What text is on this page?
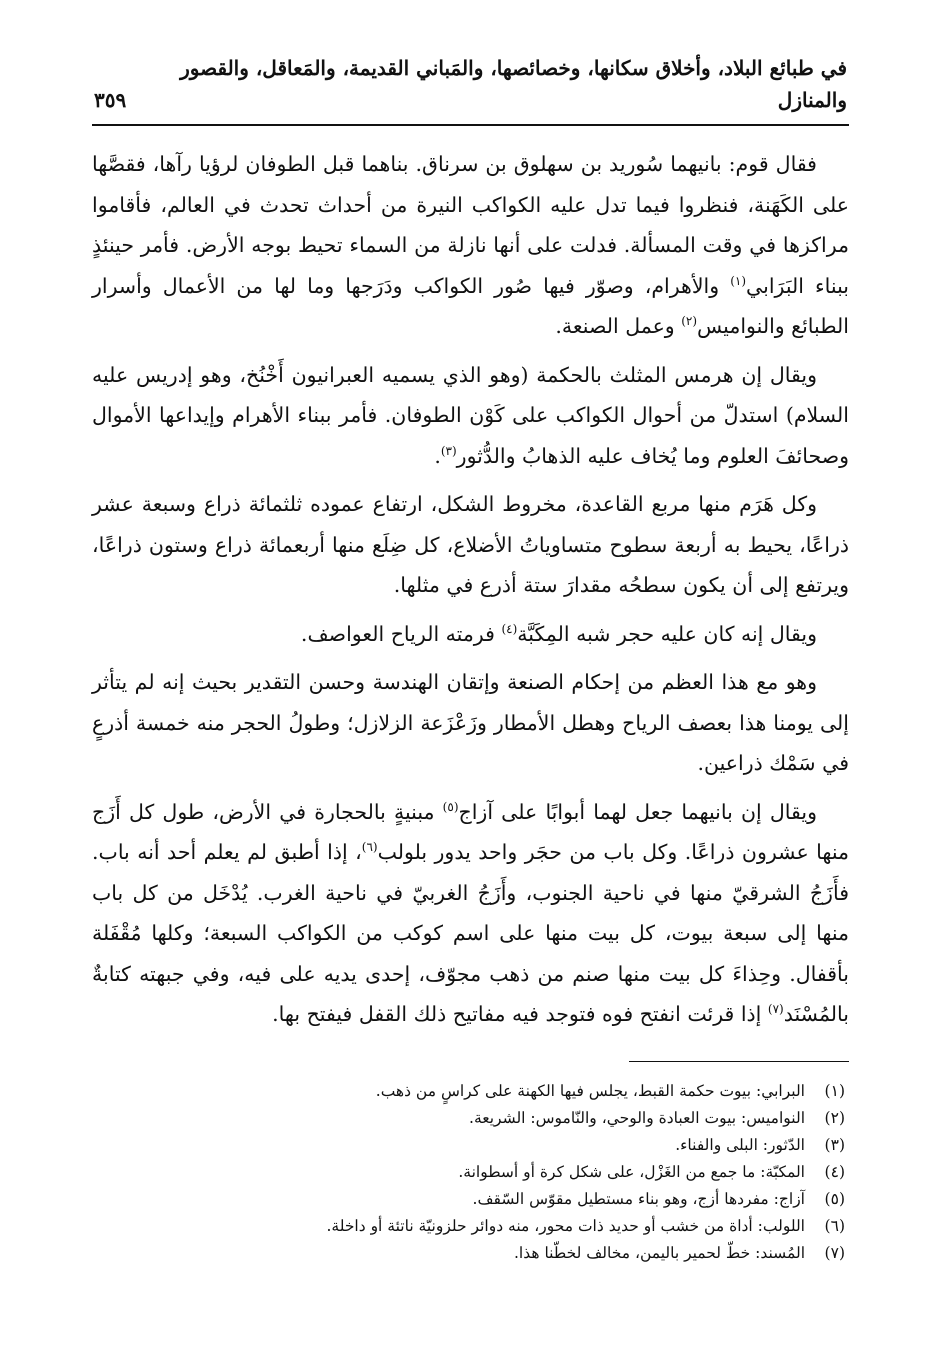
في طبائع البلاد، وأخلاق سكانها، وخصائصها، والمَباني القديمة، والمَعاقل، والقصور والمنازل
٣٥٩

فقال قوم: بانيهما سُوريد بن سهلوق بن سرناق. بناهما قبل الطوفان لرؤيا رآها، فقصَّها على الكَهَنة، فنظروا فيما تدل عليه الكواكب النيرة من أحداث تحدث في العالم، فأقاموا مراكزها في وقت المسألة. فدلت على أنها نازلة من السماء تحيط بوجه الأرض. فأمر حينئذٍ ببناء البَرَابي$^{(١)}$ والأهرام، وصوّر فيها صُور الكواكب ودَرَجها وما لها من الأعمال وأسرار الطبائع والنواميس$^{(٢)}$ وعمل الصنعة.

ويقال إن هرمس المثلث بالحكمة (وهو الذي يسميه العبرانيون أَخْنُخ، وهو إدريس عليه السلام) استدلّ من أحوال الكواكب على كَوْن الطوفان. فأمر ببناء الأهرام وإيداعها الأموال وصحائفَ العلوم وما يُخاف عليه الذهابُ والدُّثور$^{(٣)}$.

وكل هَرَم منها مربع القاعدة، مخروط الشكل، ارتفاع عموده ثلثمائة ذراع وسبعة عشر ذراعًا، يحيط به أربعة سطوح متساوياتُ الأضلاع، كل ضِلَع منها أربعمائة ذراع وستون ذراعًا، ويرتفع إلى أن يكون سطحُه مقدارَ ستة أذرع في مثلها.

ويقال إنه كان عليه حجر شبه المِكَبَّة$^{(٤)}$ فرمته الرياح العواصف.

وهو مع هذا العظم من إحكام الصنعة وإتقان الهندسة وحسن التقدير بحيث إنه لم يتأثر إلى يومنا هذا بعصف الرياح وهطل الأمطار وزَعْزَعة الزلازل؛ وطولُ الحجر منه خمسة أذرعٍ في سَمْك ذراعين.

ويقال إن بانيهما جعل لهما أبوابًا على آزاج$^{(٥)}$ مبنيةٍ بالحجارة في الأرض، طول كل أَزَج منها عشرون ذراعًا. وكل باب من حجَر واحد يدور بلولب$^{(٦)}$، إذا أطبق لم يعلم أحد أنه باب. فأَزَجُ الشرقيّ منها في ناحية الجنوب، وأَزَجُ الغربيّ في ناحية الغرب. يُدْخَل من كل باب منها إلى سبعة بيوت، كل بيت منها على اسم كوكب من الكواكب السبعة؛ وكلها مُقْفَلة بأقفال. وحِذاءَ كل بيت منها صنم من ذهب مجوّف، إحدى يديه على فيه، وفي جبهته كتابةٌ بالمُسْنَد$^{(٧)}$ إذا قرئت انفتح فوه فتوجد فيه مفاتيح ذلك القفل فيفتح بها.

(١)
البرابي: بيوت حكمة القبط، يجلس فيها الكهنة على كراسٍ من ذهب.
(٢)
النواميس: بيوت العبادة والوحي، والنّاموس: الشريعة.
(٣)
الدّثور: البلى والفناء.
(٤)
المكبّة: ما جمع من الغَزْل، على شكل كرة أو أسطوانة.
(٥)
آزاج: مفردها أزج، وهو بناء مستطيل مقوّس السّقف.
(٦)
اللولب: أداة من خشب أو حديد ذات محور، منه دوائر حلزونيّة ناتئة أو داخلة.
(٧)
المُسند: خطّ لحمير باليمن، مخالف لخطّنا هذا.
